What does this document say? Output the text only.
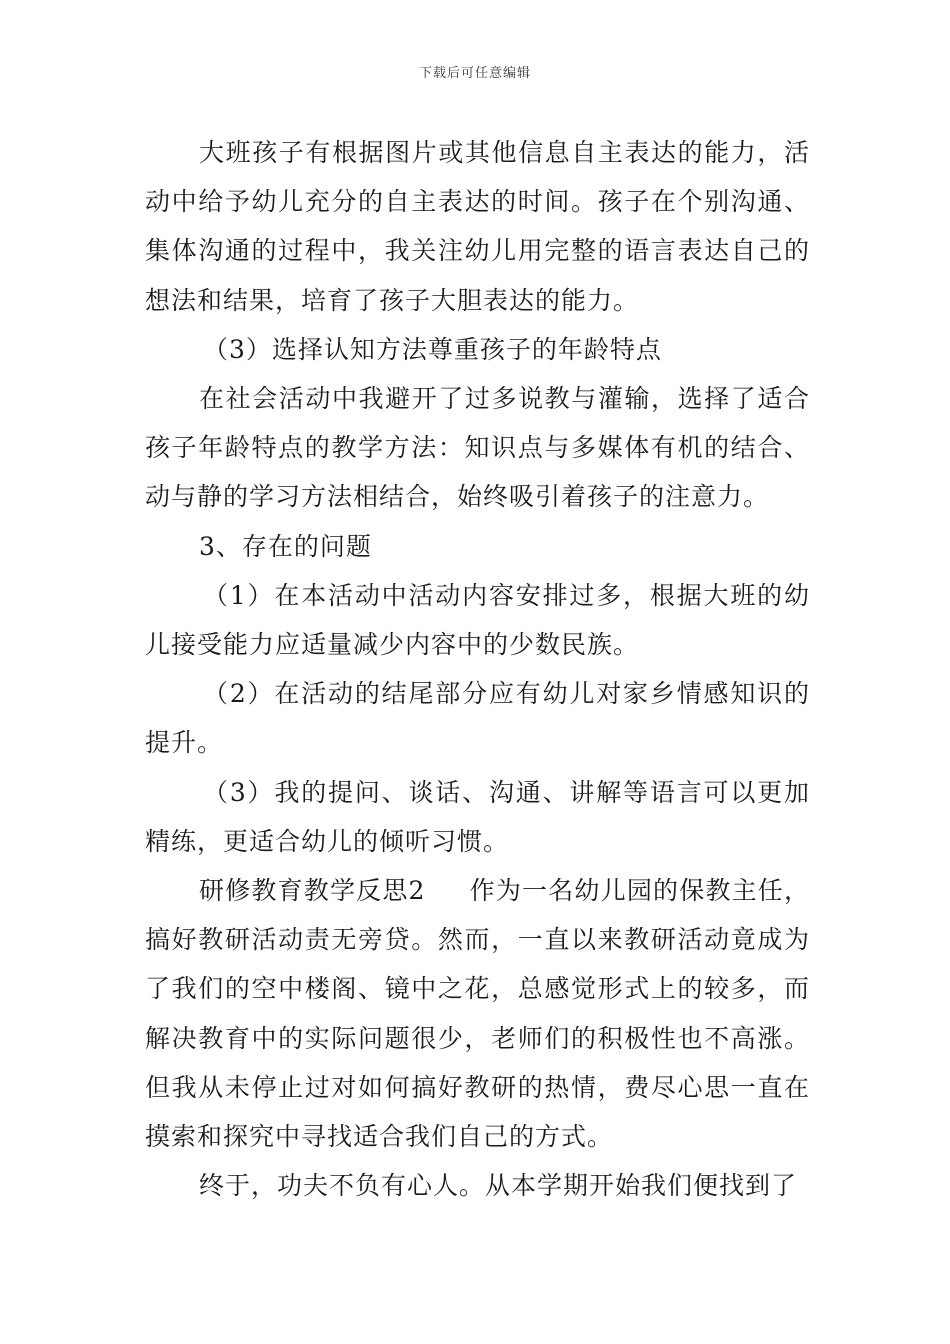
下载后可任意编辑

大班孩子有根据图片或其他信息自主表达的能力，活动中给予幼儿充分的自主表达的时间。孩子在个别沟通、集体沟通的过程中，我关注幼儿用完整的语言表达自己的想法和结果，培育了孩子大胆表达的能力。

（3）选择认知方法尊重孩子的年龄特点

在社会活动中我避开了过多说教与灌输，选择了适合孩子年龄特点的教学方法：知识点与多媒体有机的结合、动与静的学习方法相结合，始终吸引着孩子的注意力。

3、存在的问题

（1）在本活动中活动内容安排过多，根据大班的幼儿接受能力应适量减少内容中的少数民族。

（2）在活动的结尾部分应有幼儿对家乡情感知识的提升。

（3）我的提问、谈话、沟通、讲解等语言可以更加精练，更适合幼儿的倾听习惯。

研修教育教学反思2 作为一名幼儿园的保教主任，搞好教研活动责无旁贷。然而，一直以来教研活动竟成为了我们的空中楼阁、镜中之花，总感觉形式上的较多，而解决教育中的实际问题很少，老师们的积极性也不高涨。但我从未停止过对如何搞好教研的热情，费尽心思一直在摸索和探究中寻找适合我们自己的方式。

终于，功夫不负有心人。从本学期开始我们便找到了
